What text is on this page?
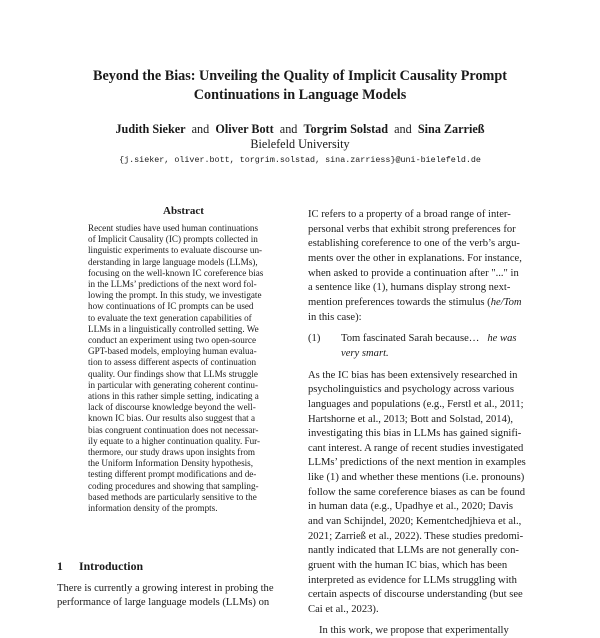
Beyond the Bias: Unveiling the Quality of Implicit Causality Prompt
Continuations in Language Models
Judith Sieker and Oliver Bott and Torgrim Solstad and Sina Zarrieß
Bielefeld University
{j.sieker, oliver.bott, torgrim.solstad, sina.zarriess}@uni-bielefeld.de
Abstract
Recent studies have used human continuations
of Implicit Causality (IC) prompts collected in
linguistic experiments to evaluate discourse un-
derstanding in large language models (LLMs),
focusing on the well-known IC coreference bias
in the LLMs’ predictions of the next word fol-
lowing the prompt. In this study, we investigate
how continuations of IC prompts can be used
to evaluate the text generation capabilities of
LLMs in a linguistically controlled setting. We
conduct an experiment using two open-source
GPT-based models, employing human evalua-
tion to assess different aspects of continuation
quality. Our findings show that LLMs struggle
in particular with generating coherent continu-
ations in this rather simple setting, indicating a
lack of discourse knowledge beyond the well-
known IC bias. Our results also suggest that a
bias congruent continuation does not necessar-
ily equate to a higher continuation quality. Fur-
thermore, our study draws upon insights from
the Uniform Information Density hypothesis,
testing different prompt modifications and de-
coding procedures and showing that sampling-
based methods are particularly sensitive to the
information density of the prompts.
1 Introduction
There is currently a growing interest in probing the
performance of large language models (LLMs) on
IC refers to a property of a broad range of inter-
personal verbs that exhibit strong preferences for
establishing coreference to one of the verb’s argu-
ments over the other in explanations. For instance,
when asked to provide a continuation after "..." in
a sentence like (1), humans display strong next-
mention preferences towards the stimulus (he/Tom
in this case):
(1) Tom fascinated Sarah because… he was
very smart.
As the IC bias has been extensively researched in
psycholinguistics and psychology across various
languages and populations (e.g., Ferstl et al., 2011;
Hartshorne et al., 2013; Bott and Solstad, 2014),
investigating this bias in LLMs has gained signifi-
cant interest. A range of recent studies investigated
LLMs’ predictions of the next mention in examples
like (1) and whether these mentions (i.e. pronouns)
follow the same coreference biases as can be found
in human data (e.g., Upadhye et al., 2020; Davis
and van Schijndel, 2020; Kementchedjhieva et al.,
2021; Zarrieß et al., 2022). These studies predomi-
nantly indicated that LLMs are not generally con-
gruent with the human IC bias, which has been
interpreted as evidence for LLMs struggling with
certain aspects of discourse understanding (but see
Cai et al., 2023).
In this work, we propose that experimentally
